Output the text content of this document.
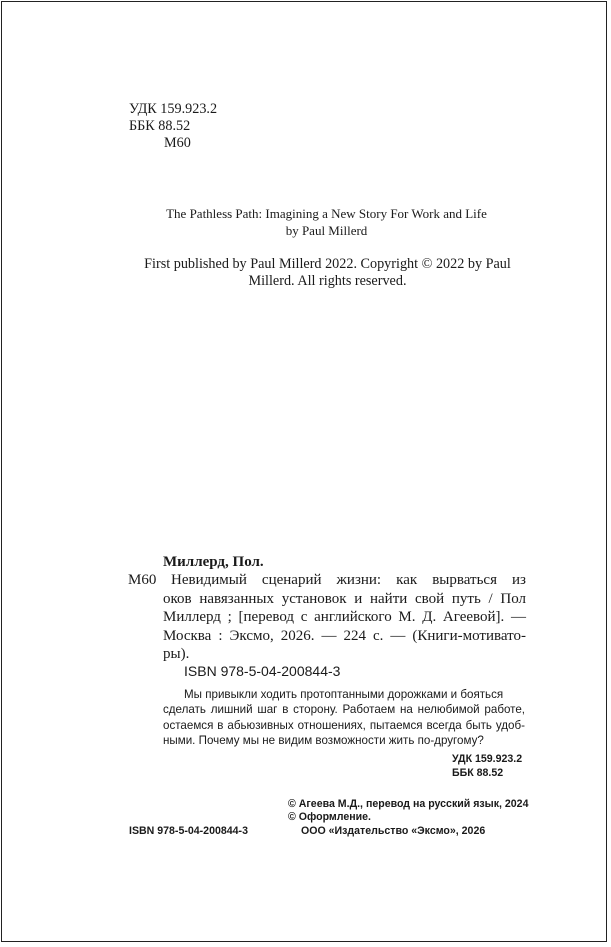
УДК 159.923.2
ББК 88.52
М60
The Pathless Path: Imagining a New Story For Work and Life
by Paul Millerd
First published by Paul Millerd 2022. Copyright © 2022 by Paul
Millerd. All rights reserved.
Миллерд, Пол.
М60 Невидимый сценарий жизни: как вырваться из
оков навязанных установок и найти свой путь / Пол
Миллерд ; [перевод с английского М. Д. Агеевой]. —
Москва : Эксмо, 2026. — 224 с. — (Книги-мотивато-
ры).
ISBN 978-5-04-200844-3
Мы привыкли ходить протоптанными дорожками и бояться
сделать лишний шаг в сторону. Работаем на нелюбимой работе,
остаемся в абьюзивных отношениях, пытаемся всегда быть удоб-
ными. Почему мы не видим возможности жить по-другому?
УДК 159.923.2
ББК 88.52
© Агеева М.Д., перевод на русский язык, 2024
© Оформление.
ISBN 978-5-04-200844-3	ООО «Издательство «Эксмо», 2026
